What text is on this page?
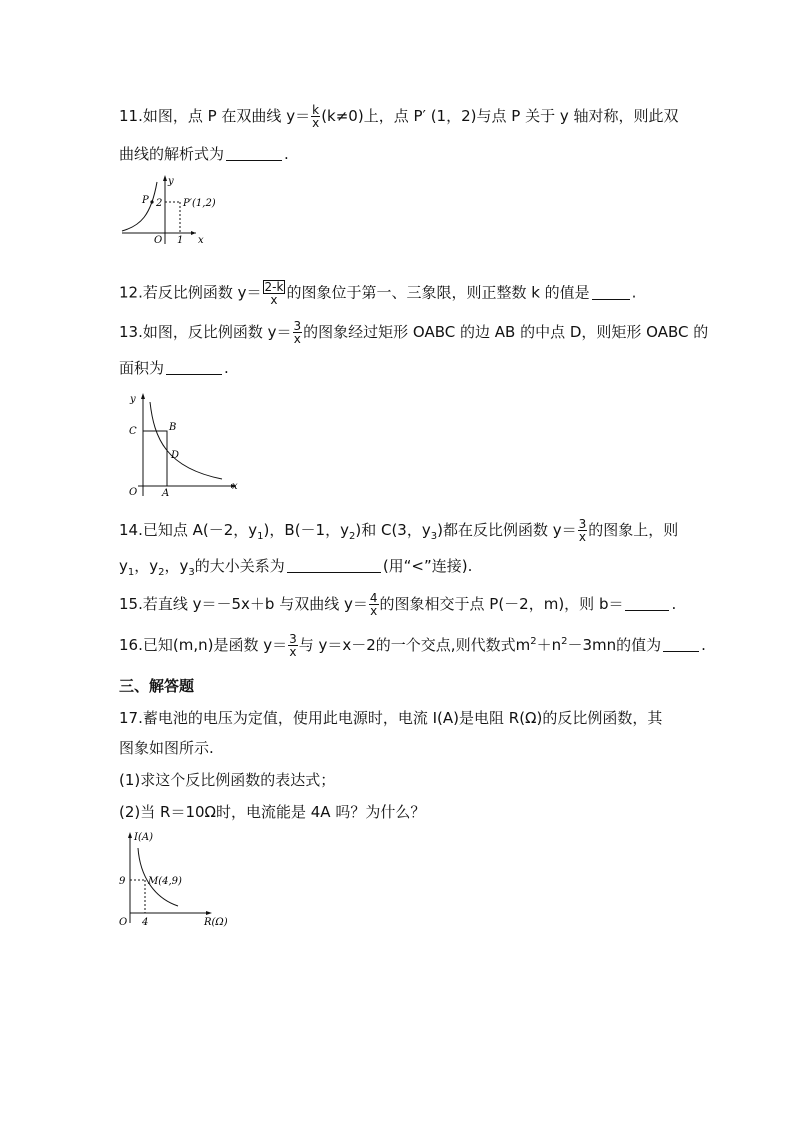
11.如图，点 P 在双曲线 $y= \frac{k}{x} (k\ne 0)$上，点 P′ (1，2)与点 P 关于 y 轴对称，则此双
曲线的解析式为	.
y
x
O
P 2 P′(1,2)
1
12.若反比例函数 $y= \frac{2-k}{x}$ 的图象位于第一、三象限，则正整数 k 的值是	.
13.如图，反比例函数 $y= \frac{3}{x}$ 的图象经过矩形 OABC 的边 AB 的中点 D，则矩形 OABC 的
面积为	.
y
x
O A
B
C
D
14.已知点 A(－2，$y_1$)，B(－1，$y_2$)和 C(3，$y_3$)都在反比例函数 $y= \frac{3}{x}$ 的图象上，则
$y_1$，$y_2$，$y_3$的大小关系为	(用“<”连接).
15.若直线 y＝－5x＋b 与双曲线 $y= \frac{4}{x}$ 的图象相交于点 P(－2，m)，则 b＝	.
16.已知(m,n)是函数 $y= \frac{3}{x}$ 与 y＝x－2的一个交点,则代数式$m^2+n^2-3mn$的值为	.
三、解答题
17.蓄电池的电压为定值，使用此电源时，电流 I(A)是电阻 R(Ω)的反比例函数，其
图象如图所示.
(1)求这个反比例函数的表达式；
(2)当 R＝10Ω时，电流能是 4A 吗？为什么？
I(A)
9 M(4,9)
O 4	R(Ω)
